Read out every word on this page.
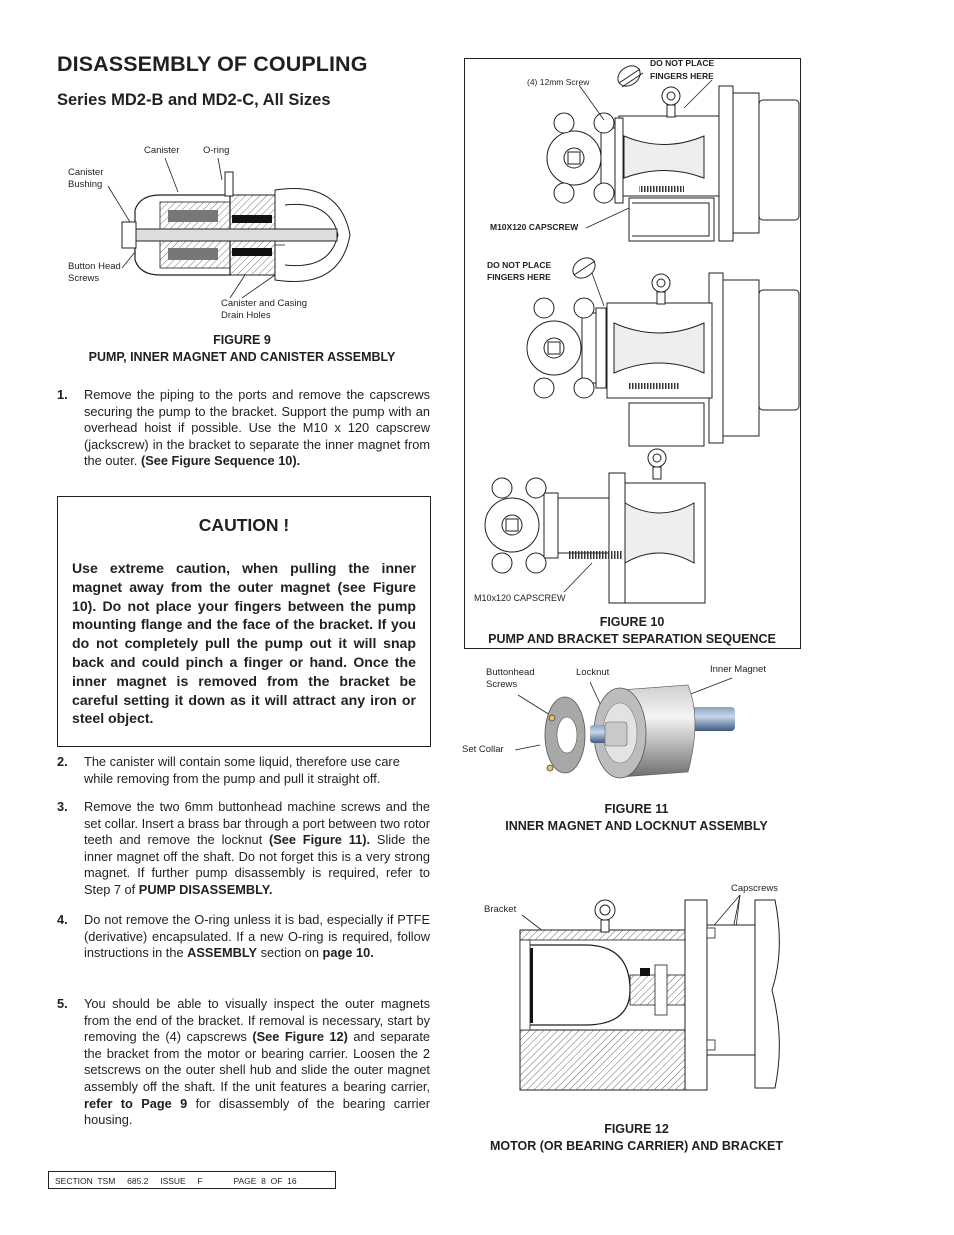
DISASSEMBLY OF COUPLING
Series MD2-B and MD2-C, All Sizes
Canister O-ring
Canister Bushing
Button Head Screws
Canister and Casing Drain Holes
FIGURE 9
PUMP, INNER MAGNET AND CANISTER ASSEMBLY
1. Remove the piping to the ports and remove the capscrews securing the pump to the bracket. Support the pump with an overhead hoist if possible. Use the M10 x 120 capscrew (jackscrew) in the bracket to separate the inner magnet from the outer. (See Figure Sequence 10).
CAUTION !
Use extreme caution, when pulling the inner magnet away from the outer magnet (see Figure 10). Do not place your fingers between the pump mounting flange and the face of the bracket. If you do not completely pull the pump out it will snap back and could pinch a finger or hand. Once the inner magnet is removed from the bracket be careful setting it down as it will attract any iron or steel object.
2. The canister will contain some liquid, therefore use care while removing from the pump and pull it straight off.
3. Remove the two 6mm buttonhead machine screws and the set collar. Insert a brass bar through a port between two rotor teeth and remove the locknut (See Figure 11). Slide the inner magnet off the shaft. Do not forget this is a very strong magnet. If further pump disassembly is required, refer to Step 7 of PUMP DISASSEMBLY.
4. Do not remove the O-ring unless it is bad, especially if PTFE (derivative) encapsulated. If a new O-ring is required, follow instructions in the ASSEMBLY section on page 10.
5. You should be able to visually inspect the outer magnets from the end of the bracket. If removal is necessary, start by removing the (4) capscrews (See Figure 12) and separate the bracket from the motor or bearing carrier. Loosen the 2 setscrews on the outer shell hub and slide the outer magnet assembly off the shaft. If the unit features a bearing carrier, refer to Page 9 for disassembly of the bearing carrier housing.
(4) 12mm Screw
DO NOT PLACE
FINGERS HERE
M10X120 CAPSCREW
DO NOT PLACE
FINGERS HERE
M10x120 CAPSCREW
FIGURE 10
PUMP AND BRACKET SEPARATION SEQUENCE
Buttonhead Screws
Locknut	Inner Magnet
Set Collar
FIGURE 11
INNER MAGNET AND LOCKNUT ASSEMBLY
Bracket
Capscrews
FIGURE 12
MOTOR (OR BEARING CARRIER) AND BRACKET
SECTION  TSM 685.2 ISSUE F	PAGE  8  OF  16
